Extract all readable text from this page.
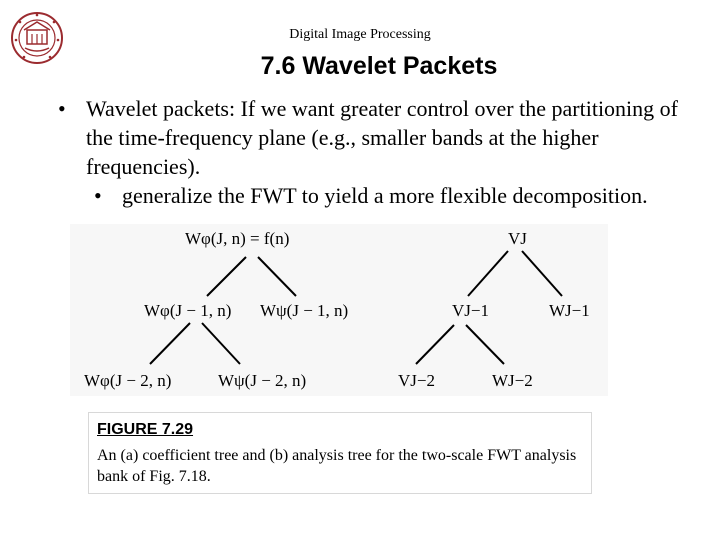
Digital Image Processing
7.6 Wavelet Packets
• Wavelet packets: If we want greater control over the partitioning of the time-frequency plane (e.g., smaller bands at the higher frequencies).
• generalize the FWT to yield a more flexible decomposition.
Wφ(J, n) = f(n)
Wφ(J − 1, n) Wψ(J − 1, n)
Wφ(J − 2, n)	Wψ(J − 2, n)
VJ
VJ−1	WJ−1
VJ−2	WJ−2
FIGURE 7.29
An (a) coefficient tree and (b) analysis tree for the two-scale FWT analysis bank of Fig. 7.18.
